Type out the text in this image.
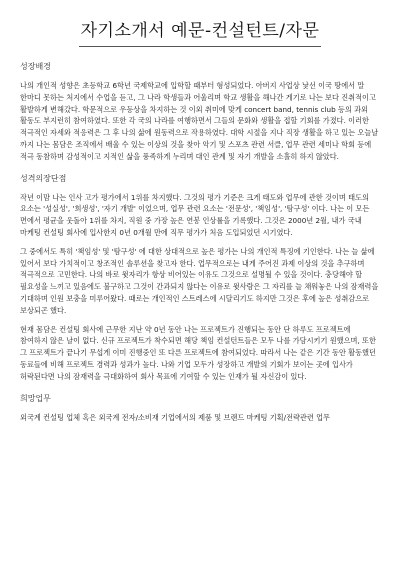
자기소개서 예문-컨설턴트/자문
성장배경

나의 개인적 성향은 초등학교 6학년 국제학교에 입학할 때부터 형성되었다. 아버지 사업상 낯선 이국 땅에서 말 한마디 못하는 처지에서 수업을 듣고, 그 나라 학생들과 어울리며 학교 생활을 해나간 게기로 나는 보다 진취적이고 활발하게 변해갔다. 학문적으로 우등상을 차지하는 것 이외 취미에 맞게 concert band, tennis club 등의 과외 활동도 부지런히 참여하였다. 또한 각 국의 나라를 여행하면서 그들의 문화와 생활을 접할 기회를 가졌다. 이러한 적극적인 자세와 적응력은 그 후 나의 삶에 원동력으로 작용하였다. 대학 시절을 지나 직장 생활을 하고 있는 오늘날 까지 나는 몸담은 조직에서 배울 수 있는 이상의 것을 찾아 악기 및 스포츠 관련 서클, 업무 관련 세미나 학회 등에 적극 동참하며 감성적이고 지적인 삶을 풍족하게 누리며 대인 관계 및 자기 개발을 소홀히 하지 않았다.

성격의장단점

작년 이맘 나는 인사 고가 평가에서 1위를 차지했다. 그것의 평가 기준은 크게 태도와 업무에 관한 것이며 태도의 요소는 '성실성', '희생성', '자기 개발' 이었으며, 업무 관련 요소는 '전문성', '책임성', '탐구성' 이다. 나는 이 모든 면에서 평균을 웃돌아 1위를 차지, 직원 중 가장 높은 연봉 인상률을 기록했다. 그것은 2000년 2월, 내가 국내 마케팅 컨설팅 회사에 입사한지 0년 0개월 만에 직무 평가가 처음 도입되었던 시기였다.

그 중에서도 특히 '책임성' 및 '탐구성' 에 대한 상대적으로 높은 평가는 나의 개인적 특징에 기인한다. 나는 늘 삶에 있어서 보다 가치적이고 창조적인 솔루션을 찾고자 한다. 업무적으로는 내게 주어진 과제 이상의 것을 추구하며 적극적으로 고민한다. 나의 바로 윗자리가 항상 비어있는 이유도 그것으로 설명될 수 있을 것이다. 충당해야 할 필요성을 느끼고 있음에도 불구하고 그것이 간과되지 않다는 이유로 윗사람은 그 자리를 늘 채워놓은 나의 잠재력을 기대하며 인원 보충을 미루어왔다. 때로는 개인적인 스트레스에 시달리기도 하지만 그것은 후에 높은 성취감으로 보상되곤 했다.

현재 몸담은 컨설팅 회사에 근무한 지난 약 0년 동안 나는 프로젝트가 진행되는 동안 단 하루도 프로젝트에 참여하지 않은 날이 없다. 신규 프로젝트가 착수되면 해당 책임 컨설턴트들은 모두 나를 가담시키기 원했으며, 또한 그 프로젝트가 끝나기 무섭게 이미 진행중인 또 다른 프로젝트에 참여되었다. 따라서 나는 같은 기간 동안 활동했던 동료들에 비해 프로젝트 경력과 성과가 높다. 나와 기업 모두가 성장하고 개발의 기회가 보이는 곳에 입사가 허락된다면 나의 잠재력을 극대화하여 회사 목표에 기여할 수 있는 인재가 될 자신감이 있다.

희망업무

외국계 컨설팅 업체 혹은 외국계 전자/소비재 기업에서의 제품 및 브랜드 마케팅 기획/전략관련 업무
